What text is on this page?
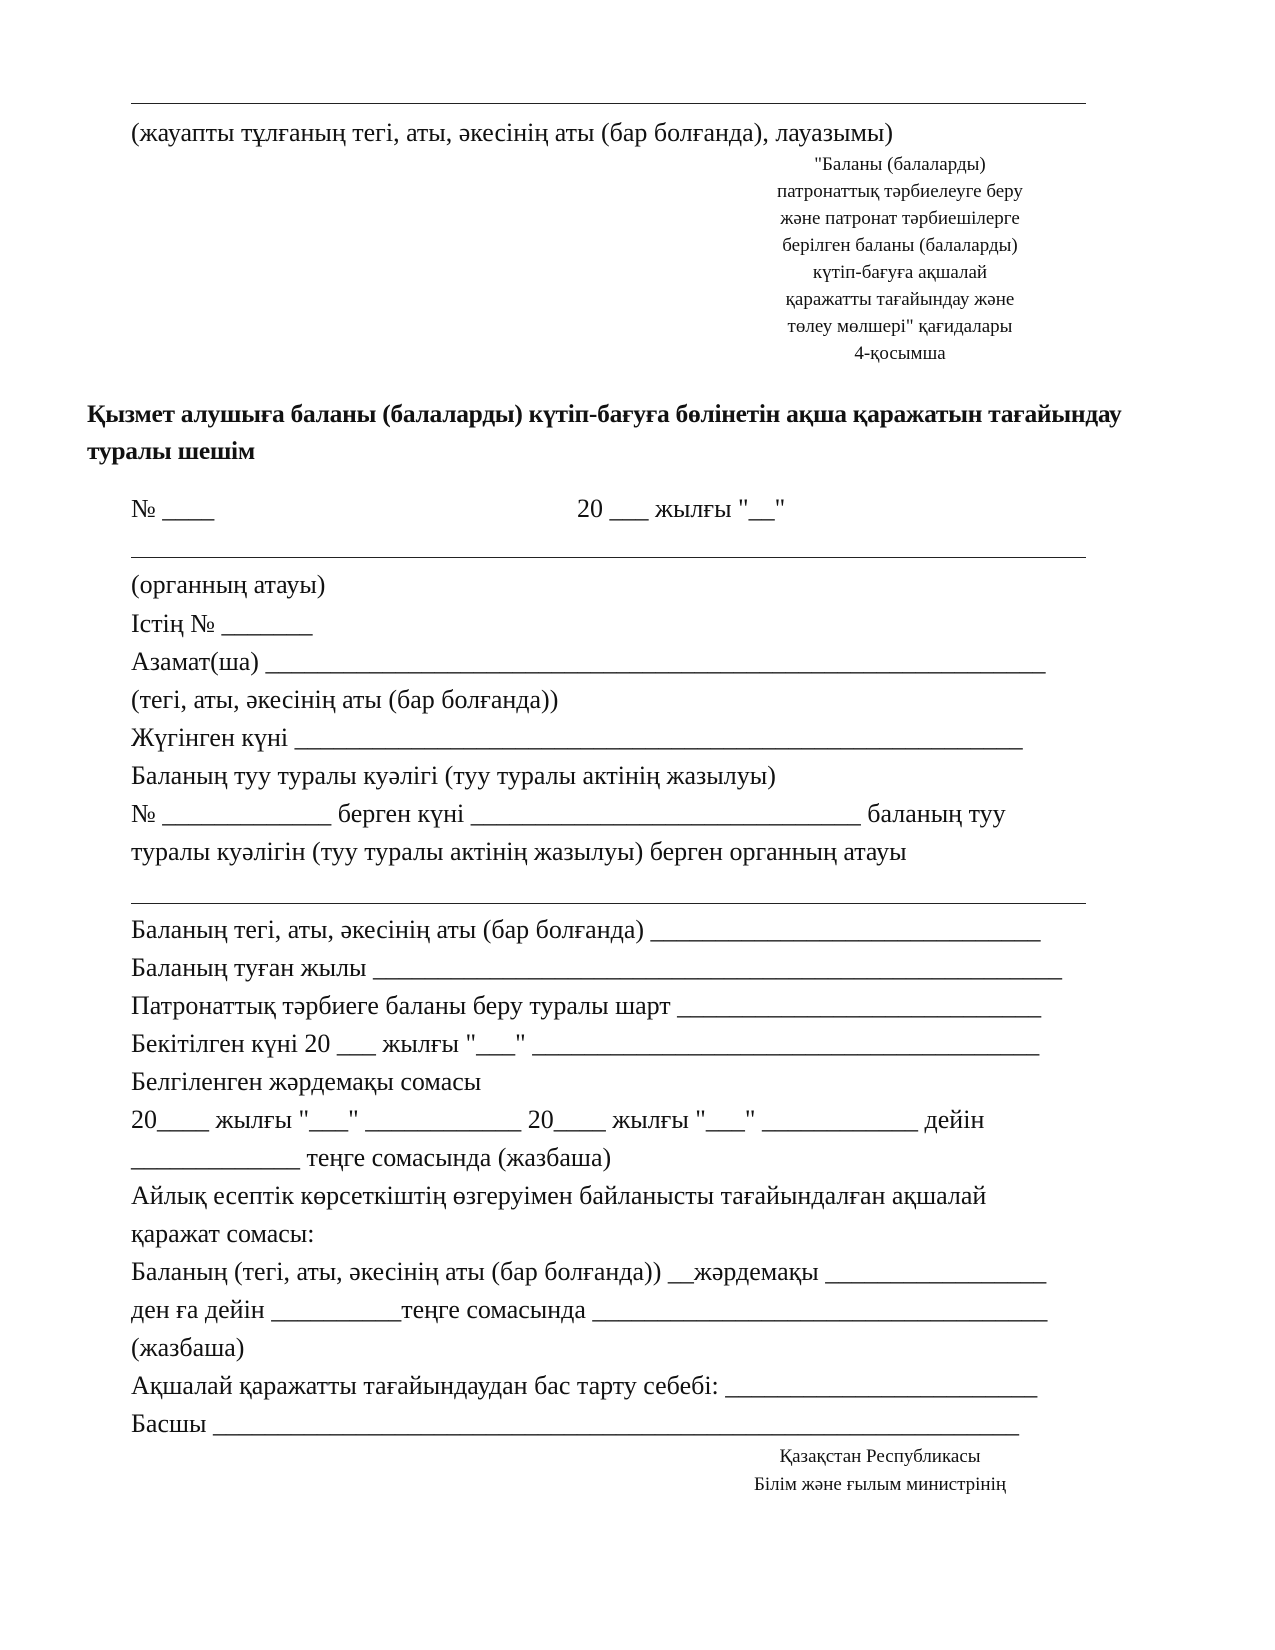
(жауапты тұлғаның тегі, аты, әкесінің аты (бар болғанда), лауазымы)
"Баланы (балаларды)
патронаттық тәрбиелеуге беру
және патронат тәрбиешілерге
берілген баланы (балаларды)
күтіп-бағуға ақшалай
қаражатты тағайындау және
төлеу мөлшері" қағидалары
4-қосымша
Қызмет алушыға баланы (балаларды) күтіп-бағуға бөлінетін ақша қаражатын тағайындау туралы шешім
№ ____	20 ___ жылғы "__"
(органның атауы)
Істің № _______
Азамат(ша) ____________________________________________________________
(тегі, аты, әкесінің аты (бар болғанда))
Жүгінген күні ________________________________________________________
Баланың туу туралы куәлігі (туу туралы актінің жазылуы)
№ _____________ берген күні ______________________________ баланың туу
туралы куәлігін (туу туралы актінің жазылуы) берген органның атауы
Баланың тегі, аты, әкесінің аты (бар болғанда) ______________________________
Баланың туған жылы _____________________________________________________
Патронаттық тәрбиеге баланы беру туралы шарт ____________________________
Бекітілген күні 20 ___ жылғы "___" _______________________________________
Белгіленген жәрдемақы сомасы
20____ жылғы "___" ____________ 20____ жылғы "___" ____________ дейін
_____________ теңге сомасында (жазбаша)
Айлық есептік көрсеткіштің өзгеруімен байланысты тағайындалған ақшалай
қаражат сомасы:
Баланың (тегі, аты, әкесінің аты (бар болғанда)) __жәрдемақы _________________
ден ға дейін __________теңге сомасында ___________________________________
(жазбаша)
Ақшалай қаражатты тағайындаудан бас тарту себебі: ________________________
Басшы ______________________________________________________________
Қазақстан Республикасы
Білім және ғылым министрінің
